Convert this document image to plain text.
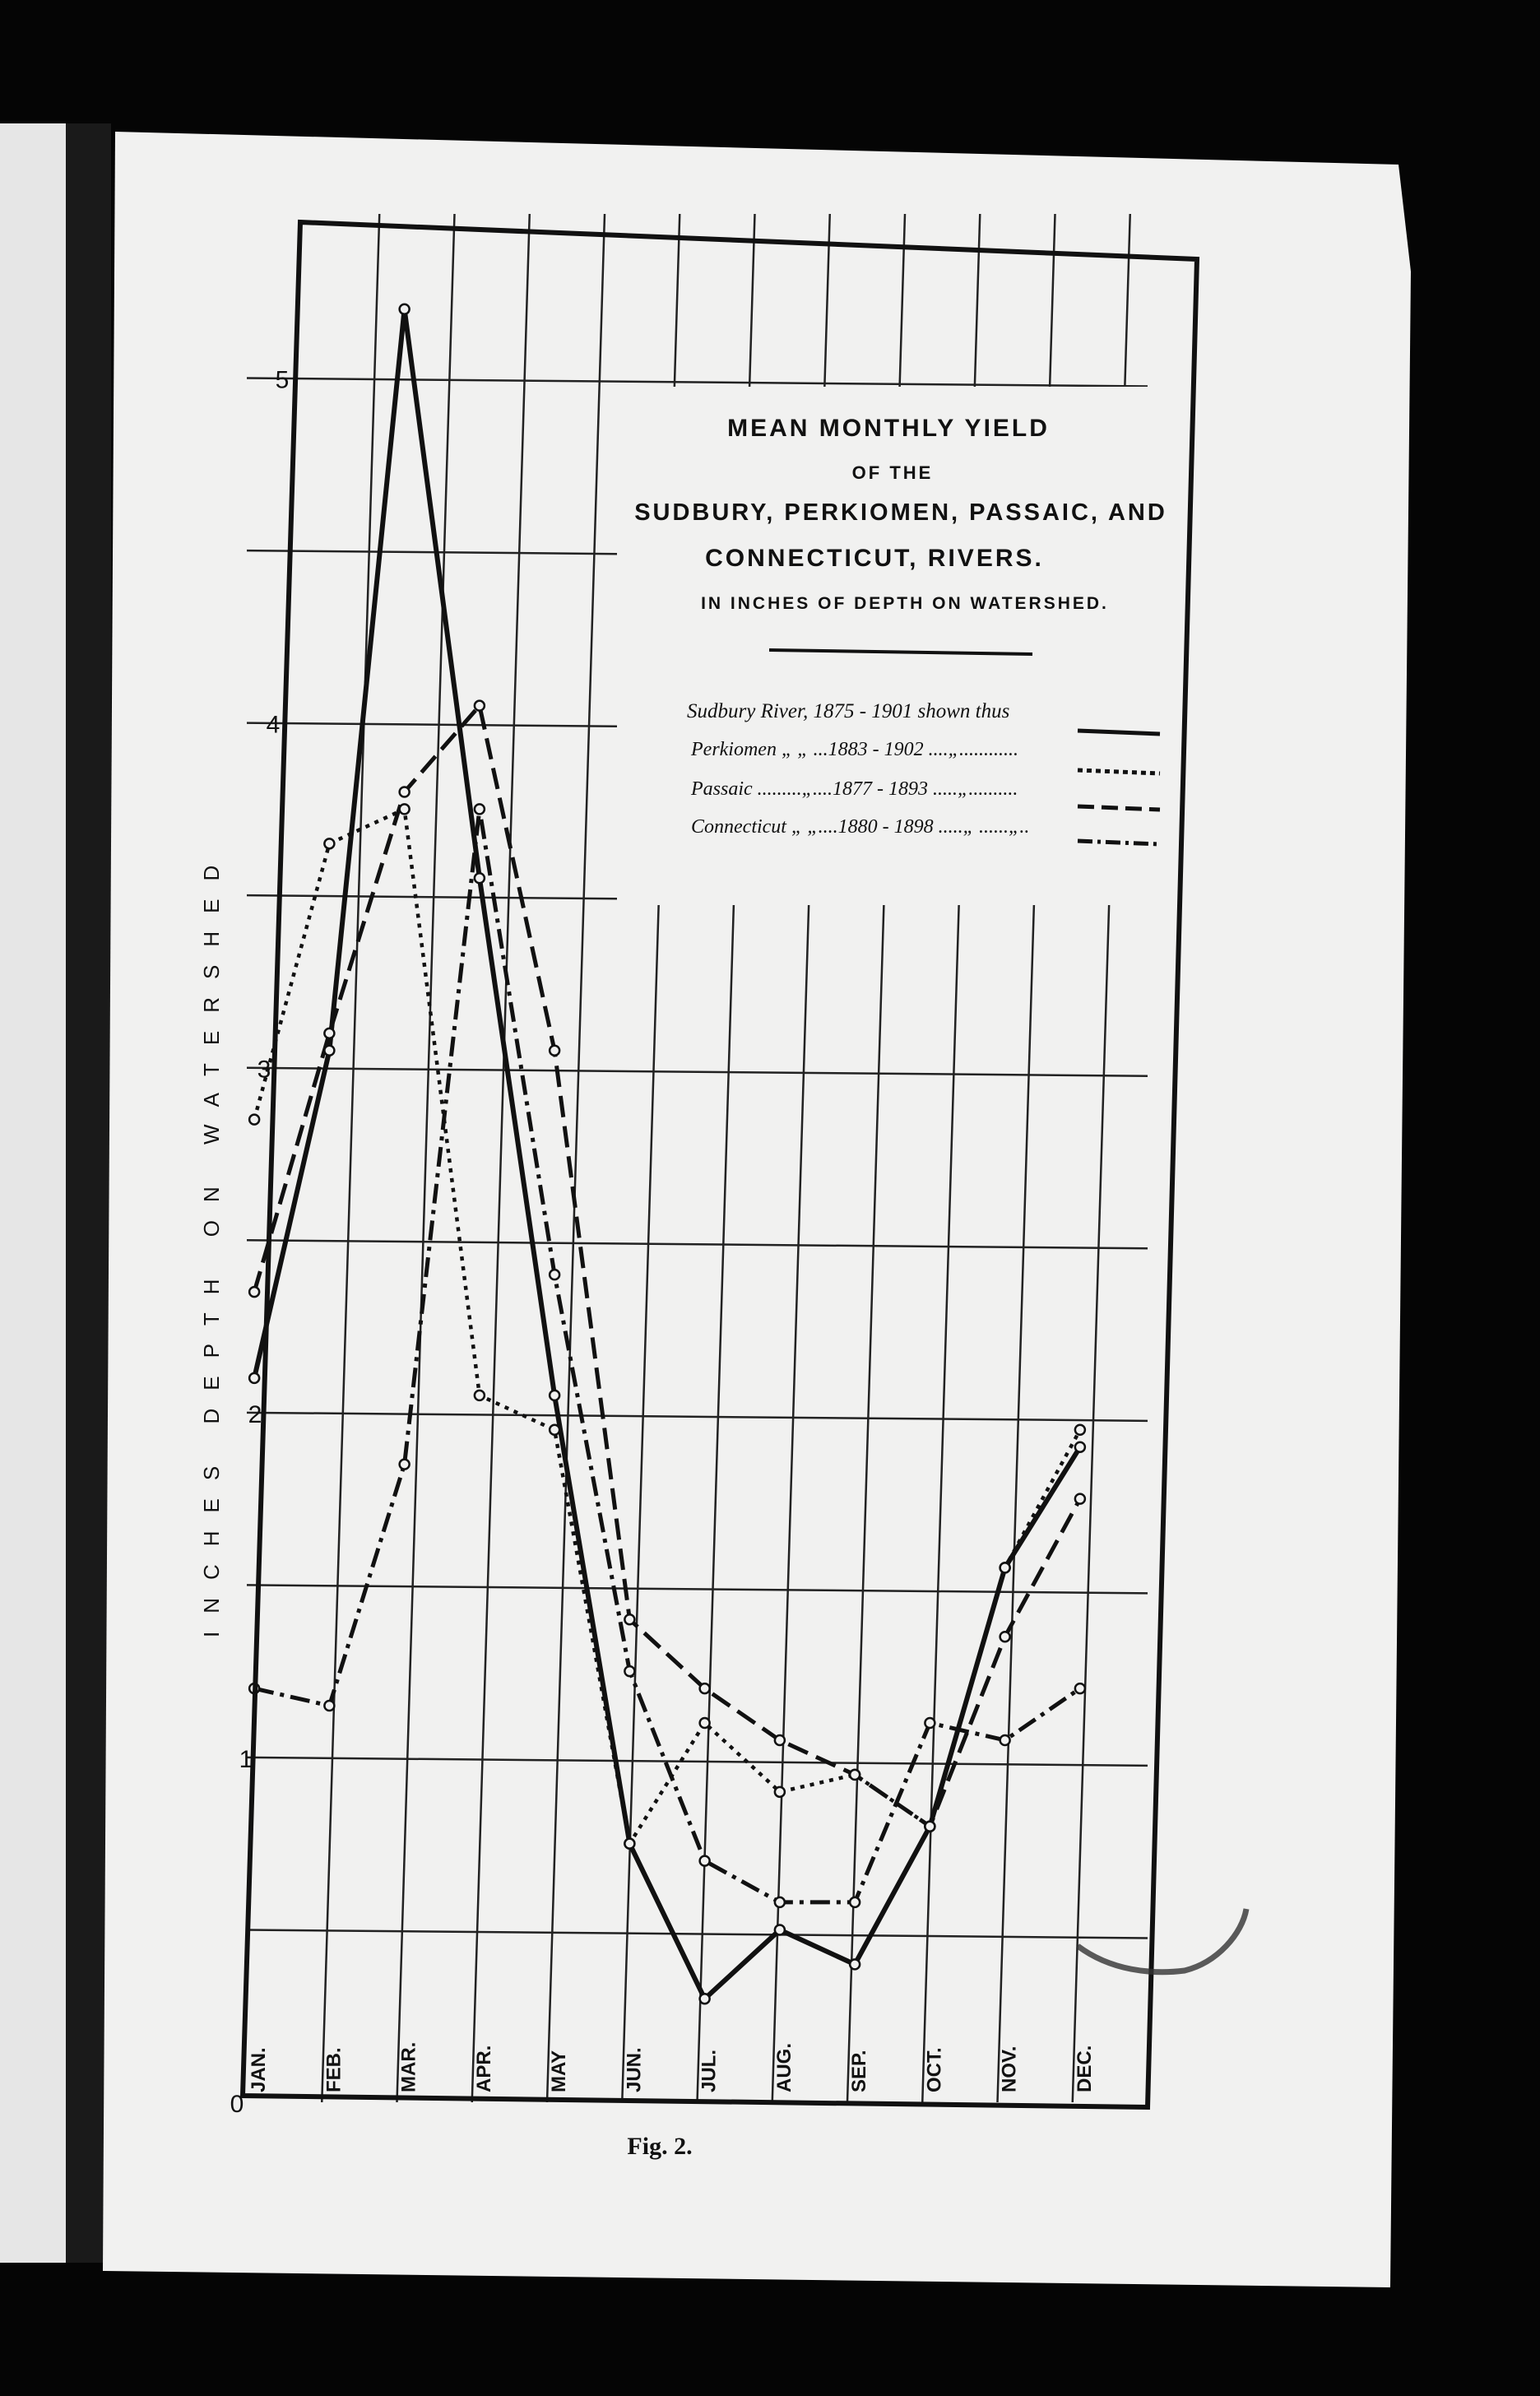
0
1
2
3
4
5
JAN.	FEB.	MAR.	APR.	MAY	JUN.	JUL.	AUG.	SEP.	OCT.	NOV.	DEC.
MEAN MONTHLY YIELD
OF THE
SUDBURY, PERKIOMEN, PASSAIC, AND
CONNECTICUT, RIVERS.
IN INCHES OF DEPTH ON WATERSHED.
Sudbury River, 1875 - 1901 shown thus
Perkiomen „ „ ...1883 - 1902 ....„............
Passaic .........„....1877 - 1893 .....„..........
Connecticut „ „....1880 - 1898 .....„ ......„..
INCHES DEPTH ON WATERSHED
Fig. 2.
